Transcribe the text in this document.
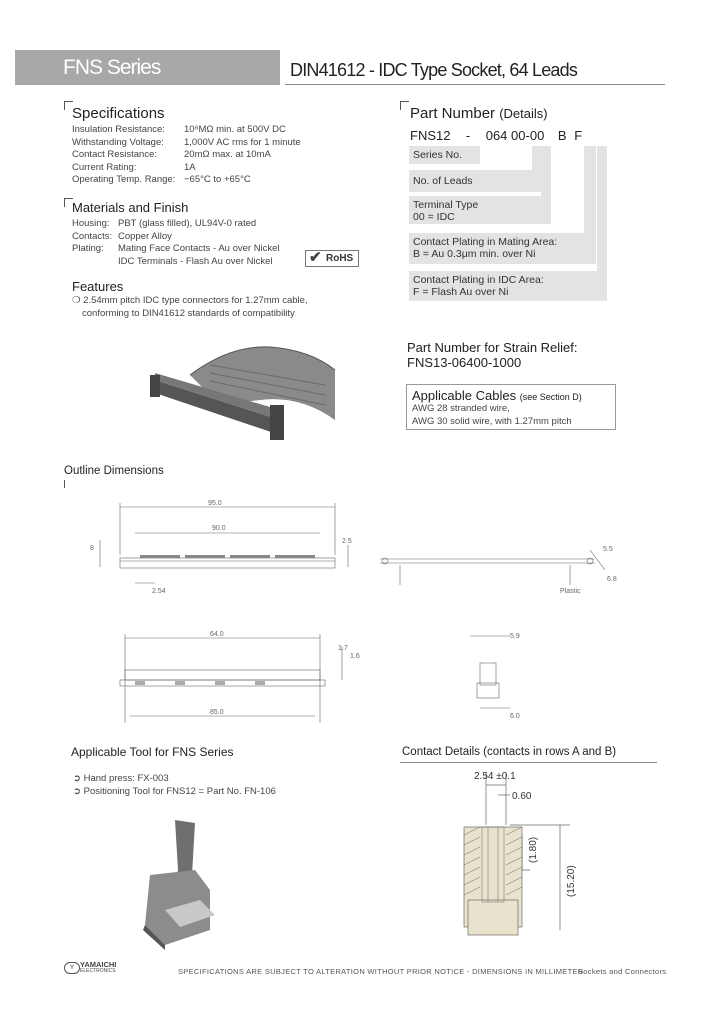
FNS Series	DIN41612 - IDC Type Socket, 64 Leads
Specifications
Insulation Resistance: 10⁶MΩ min. at 500V DC
Withstanding Voltage: 1,000V AC rms for 1 minute
Contact Resistance:	20mΩ max. at 10mA
Current Rating:	1A
Operating Temp. Range: −65°C to +65°C
Materials and Finish
Housing: PBT (glass filled), UL94V-0 rated
Contacts: Copper Alloy
Plating: Mating Face Contacts - Au over Nickel
IDC Terminals - Flash Au over Nickel	✔ RoHS
Features
❍ 2.54mm pitch IDC type connectors for 1.27mm cable,
conforming to DIN41612 standards of compatibility
Part Number (Details)
FNS12 - 064 00-00 B F
Series No.
No. of Leads
Terminal Type
00 = IDC
Contact Plating in Mating Area:
B = Au 0.3μm min. over Ni
Contact Plating in IDC Area:
F = Flash Au over Ni
Part Number for Strain Relief:
FNS13-06400-1000
Applicable Cables (see Section D)
AWG 28 stranded wire,
AWG 30 solid wire, with 1.27mm pitch
Outline Dimensions
95.0
90.0
8
2.54
2.5
5.5
6.8
Plastic
64.0
1.7
1.6
85.0
5.9
6.0
Applicable Tool for FNS Series
➲ Hand press: FX-003
➲ Positioning Tool for FNS12 = Part No. FN-106
Contact Details (contacts in rows A and B)
2.54 ±0.1
0.60
(1.80)
(15.20)
Y YAMAICHI
ELECTRONICS	SPECIFICATIONS ARE SUBJECT TO ALTERATION WITHOUT PRIOR NOTICE - DIMENSIONS IN MILLIMETER
Sockets and Connectors
